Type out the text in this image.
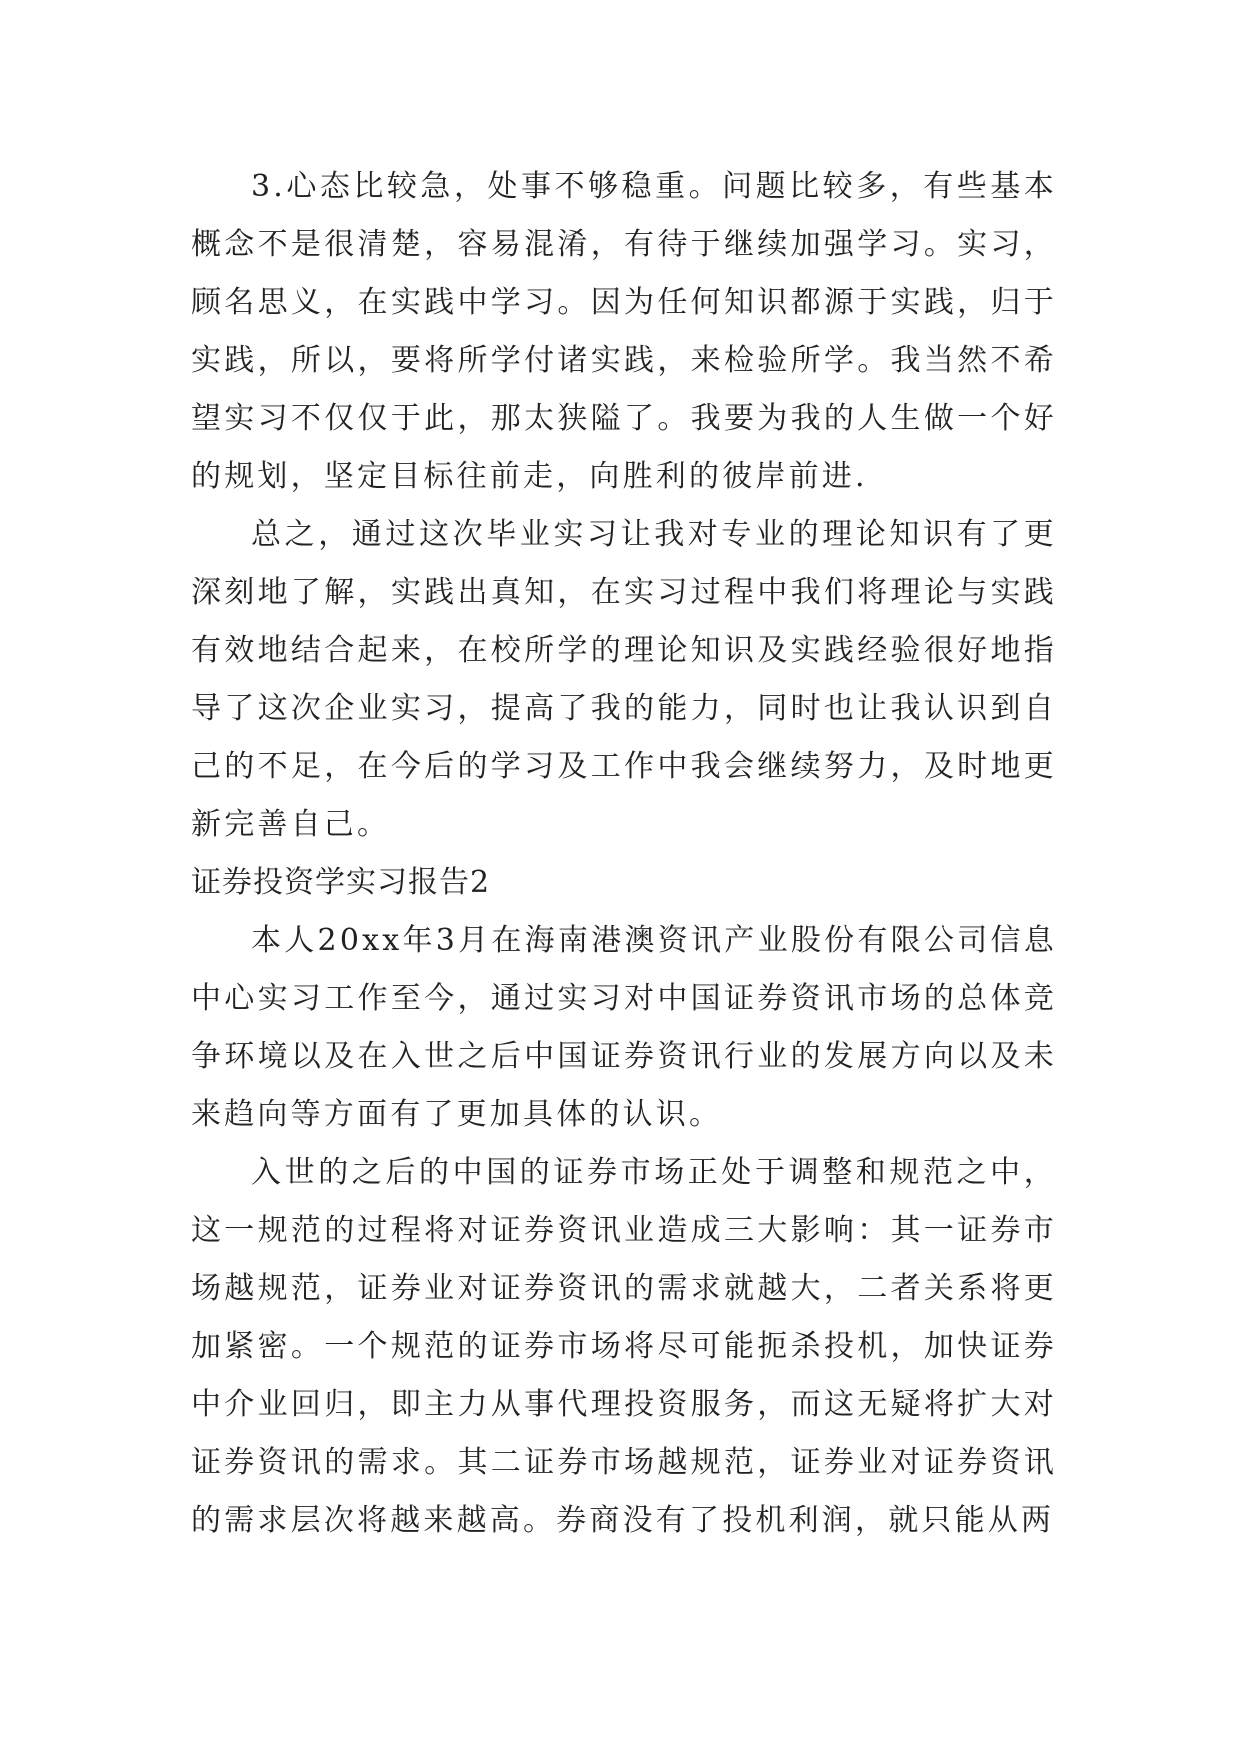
3.心态比较急，处事不够稳重。问题比较多，有些基本概念不是很清楚，容易混淆，有待于继续加强学习。实习，顾名思义，在实践中学习。因为任何知识都源于实践，归于实践，所以，要将所学付诸实践，来检验所学。我当然不希望实习不仅仅于此，那太狭隘了。我要为我的人生做一个好的规划，坚定目标往前走，向胜利的彼岸前进.

总之，通过这次毕业实习让我对专业的理论知识有了更深刻地了解，实践出真知，在实习过程中我们将理论与实践有效地结合起来，在校所学的理论知识及实践经验很好地指导了这次企业实习，提高了我的能力，同时也让我认识到自己的不足，在今后的学习及工作中我会继续努力，及时地更新完善自己。

证券投资学实习报告2

本人20xx年3月在海南港澳资讯产业股份有限公司信息中心实习工作至今，通过实习对中国证券资讯市场的总体竞争环境以及在入世之后中国证券资讯行业的发展方向以及未来趋向等方面有了更加具体的认识。

入世的之后的中国的证券市场正处于调整和规范之中，这一规范的过程将对证券资讯业造成三大影响：其一证券市场越规范，证券业对证券资讯的需求就越大，二者关系将更加紧密。一个规范的证券市场将尽可能扼杀投机，加快证券中介业回归，即主力从事代理投资服务，而这无疑将扩大对证券资讯的需求。其二证券市场越规范，证券业对证券资讯的需求层次将越来越高。券商没有了投机利润，就只能从两
